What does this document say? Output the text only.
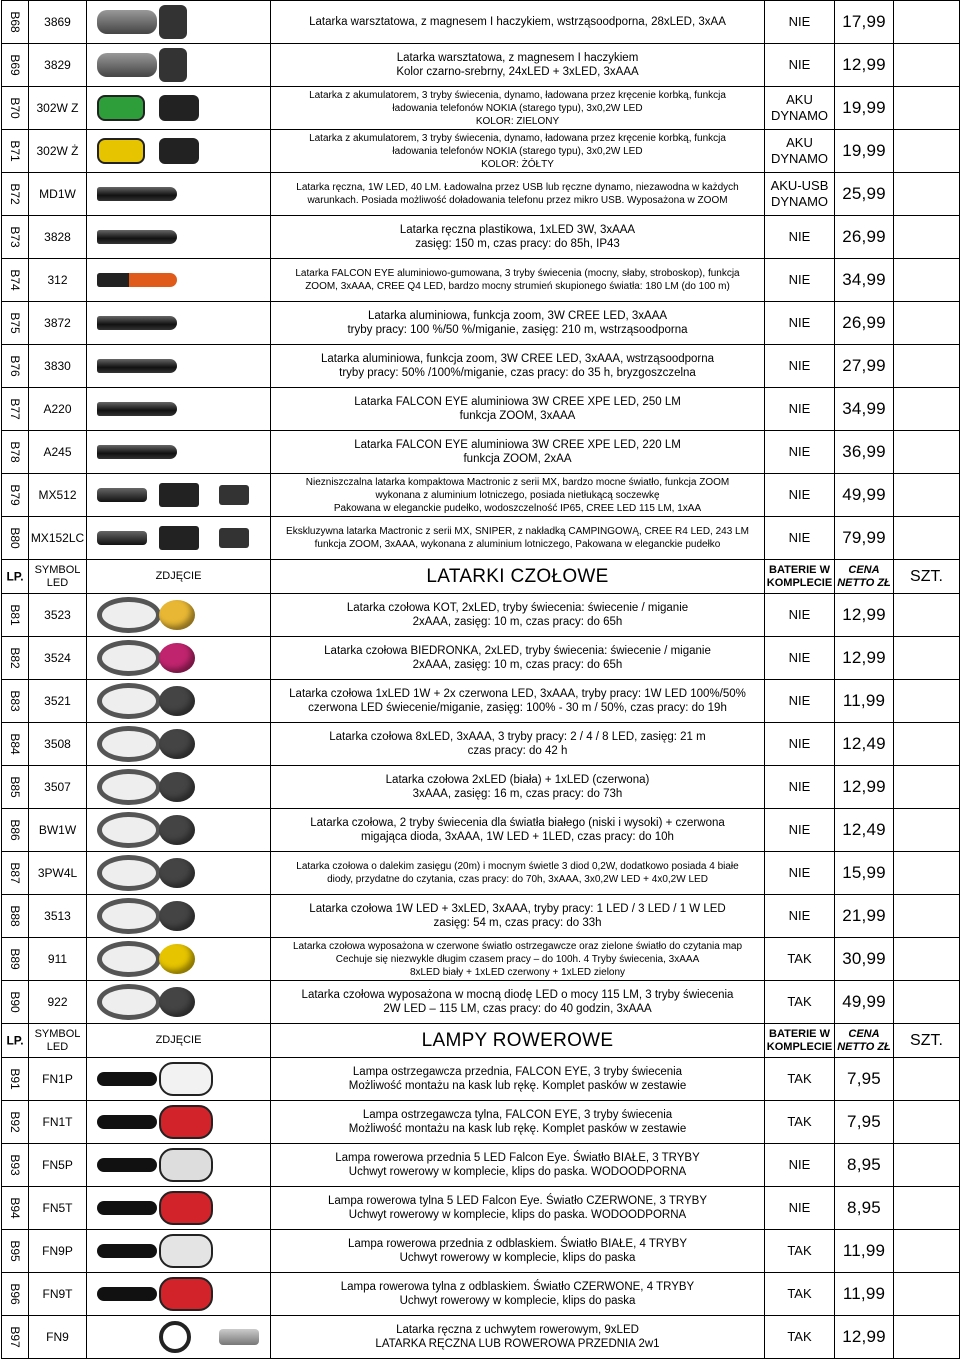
B68	3869		Latarka warsztatowa, z magnesem I haczykiem, wstrząsoodporna, 28xLED, 3xAA	NIE	17,99	

B69	3829		Latarka warsztatowa, z magnesem I haczykiem
Kolor czarno-srebrny, 24xLED + 3xLED, 3xAAA	NIE	12,99	

B70	302W Z		Latarka z akumulatorem, 3 tryby świecenia, dynamo, ładowana przez kręcenie korbką, funkcja
ładowania telefonów NOKIA (starego typu), 3x0,2W LED
KOLOR: ZIELONY	AKU DYNAMO	19,99	

B71	302W Ż		Latarka z akumulatorem, 3 tryby świecenia, dynamo, ładowana przez kręcenie korbką, funkcja
ładowania telefonów NOKIA (starego typu), 3x0,2W LED
KOLOR: ŻÓŁTY	AKU DYNAMO	19,99	

B72	MD1W		Latarka ręczna, 1W LED, 40 LM. Ładowalna przez USB lub ręczne dynamo, niezawodna w każdych
warunkach. Posiada możliwość doładowania telefonu przez mikro USB. Wyposażona w ZOOM	AKU-USB DYNAMO	25,99	

B73	3828		Latarka ręczna plastikowa, 1xLED 3W, 3xAAA
zasięg: 150 m, czas pracy: do 85h, IP43	NIE	26,99	

B74	312		Latarka FALCON EYE aluminiowo-gumowana, 3 tryby świecenia (mocny, słaby, stroboskop), funkcja
ZOOM, 3xAAA, CREE Q4 LED, bardzo mocny strumień skupionego światła: 180 LM (do 100 m)	NIE	34,99	

B75	3872		Latarka aluminiowa, funkcja zoom, 3W CREE LED, 3xAAA
tryby pracy: 100 %/50 %/miganie, zasięg: 210 m, wstrząsoodporna	NIE	26,99	

B76	3830		Latarka aluminiowa, funkcja zoom, 3W CREE LED, 3xAAA, wstrząsoodporna
tryby pracy: 50% /100%/miganie, czas pracy: do 35 h, bryzgoszczelna	NIE	27,99	

B77	A220		Latarka FALCON EYE aluminiowa 3W CREE XPE LED, 250 LM
funkcja ZOOM, 3xAAA	NIE	34,99	

B78	A245		Latarka FALCON EYE aluminiowa 3W CREE XPE LED, 220 LM
funkcja ZOOM, 2xAA	NIE	36,99	

B79	MX512		Niezniszczalna latarka kompaktowa Mactronic z serii MX, bardzo mocne światło, funkcja ZOOM
wykonana z aluminium lotniczego, posiada nietłukącą soczewkę
Pakowana w eleganckie pudełko, wodoszczelność IP65, CREE LED 115 LM, 1xAA	NIE	49,99	

B80	MX152LC		Ekskluzywna latarka Mactronic z serii MX, SNIPER, z nakładką CAMPINGOWĄ, CREE R4 LED, 243 LM
funkcja ZOOM, 3xAAA, wykonana z aluminium lotniczego, Pakowana w eleganckie pudełko	NIE	79,99	

LP.	SYMBOL LED	ZDJĘCIE	LATARKI CZOŁOWE	BATERIE W KOMPLECIE	CENA NETTO ZŁ	SZT.

B81	3523		Latarka czołowa KOT, 2xLED, tryby świecenia: świecenie / miganie
2xAAA, zasięg: 10 m, czas pracy: do 65h	NIE	12,99	

B82	3524		Latarka czołowa BIEDRONKA, 2xLED, tryby świecenia: świecenie / miganie
2xAAA, zasięg: 10 m, czas pracy: do 65h	NIE	12,99	

B83	3521		Latarka czołowa 1xLED 1W + 2x czerwona LED, 3xAAA, tryby pracy: 1W LED 100%/50%
czerwona LED świecenie/miganie, zasięg: 100% - 30 m / 50%, czas pracy: do 19h	NIE	11,99	

B84	3508		Latarka czołowa 8xLED, 3xAAA, 3 tryby pracy: 2 / 4 / 8 LED, zasięg: 21 m
czas pracy: do 42 h	NIE	12,49	

B85	3507		Latarka czołowa 2xLED (biała) + 1xLED (czerwona)
3xAAA, zasięg: 16 m, czas pracy: do 73h	NIE	12,99	

B86	BW1W		Latarka czołowa, 2 tryby świecenia dla światła białego (niski i wysoki) + czerwona
migająca dioda, 3xAAA, 1W LED + 1LED, czas pracy: do 10h	NIE	12,49	

B87	3PW4L		Latarka czołowa o dalekim zasięgu (20m) i mocnym świetle 3 diod 0,2W, dodatkowo posiada 4 białe
diody, przydatne do czytania, czas pracy: do 70h, 3xAAA, 3x0,2W LED + 4x0,2W LED	NIE	15,99	

B88	3513		Latarka czołowa 1W LED + 3xLED, 3xAAA, tryby pracy: 1 LED / 3 LED / 1 W LED
zasięg: 54 m, czas pracy: do 33h	NIE	21,99	

B89	911		Latarka czołowa wyposażona w czerwone światło ostrzegawcze oraz zielone światło do czytania map
Cechuje się niezwykle długim czasem pracy – do 100h. 4 Tryby świecenia, 3xAAA
8xLED biały + 1xLED czerwony + 1xLED zielony	TAK	30,99	

B90	922		Latarka czołowa wyposażona w mocną diodę LED o mocy 115 LM, 3 tryby świecenia
2W LED – 115 LM, czas pracy: do 40 godzin, 3xAAA	TAK	49,99	

LP.	SYMBOL LED	ZDJĘCIE	LAMPY ROWEROWE	BATERIE W KOMPLECIE	CENA NETTO ZŁ	SZT.

B91	FN1P		Lampa ostrzegawcza przednia, FALCON EYE, 3 tryby świecenia
Możliwość montażu na kask lub rękę. Komplet pasków w zestawie	TAK	7,95	

B92	FN1T		Lampa ostrzegawcza tylna, FALCON EYE, 3 tryby świecenia
Możliwość montażu na kask lub rękę. Komplet pasków w zestawie	TAK	7,95	

B93	FN5P		Lampa rowerowa przednia 5 LED Falcon Eye. Światło BIAŁE, 3 TRYBY
Uchwyt rowerowy w komplecie, klips do paska. WODOODPORNA	NIE	8,95	

B94	FN5T		Lampa rowerowa tylna 5 LED Falcon Eye. Światło CZERWONE, 3 TRYBY
Uchwyt rowerowy w komplecie, klips do paska. WODOODPORNA	NIE	8,95	

B95	FN9P		Lampa rowerowa przednia z odblaskiem. Światło BIAŁE, 4 TRYBY
Uchwyt rowerowy w komplecie, klips do paska	TAK	11,99	

B96	FN9T		Lampa rowerowa tylna z odblaskiem. Światło CZERWONE, 4 TRYBY
Uchwyt rowerowy w komplecie, klips do paska	TAK	11,99	

B97	FN9		Latarka ręczna z uchwytem rowerowym, 9xLED
LATARKA RĘCZNA LUB ROWEROWA PRZEDNIA 2w1	TAK	12,99	
